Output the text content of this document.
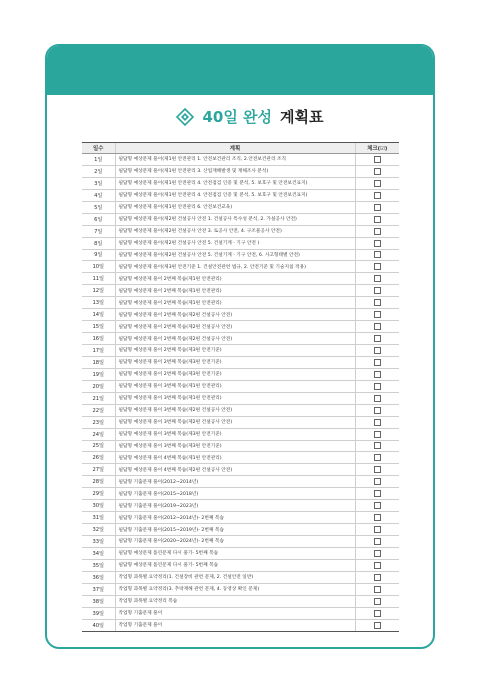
40일 완성 계획표
일수	계획	체크(☑)
1일	필답형 예상문제 풀이(제1편 안전관리 1. 안전보건관리 조직, 2.안전보건관리 조직	
2일	필답형 예상문제 풀이(제1편 안전관리 3. 산업재해발생 및 재해조사 분석)	
3일	필답형 예상문제 풀이(제1편 안전관리 4. 안전점검 인증 및 분석, 5. 보호구 및 안전보건표지)	
4일	필답형 예상문제 풀이(제1편 안전관리 4. 안전점검 인증 및 분석, 5. 보호구 및 안전보건표지)	
5일	필답형 예상문제 풀이(제1편 안전관리 6. 안전보건교육)	
6일	필답형 예상문제 풀이(제2편 건설공사 안전 1. 건설공사 특수성 분석, 2. 가설공사 안전)	
7일	필답형 예상문제 풀이(제2편 건설공사 안전 3. 토공사 안전, 4. 구조물공사 안전)	
8일	필답형 예상문제 풀이(제2편 건설공사 안전 5. 건설기계 · 기구 안전 )	
9일	필답형 예상문제 풀이(제2편 건설공사 안전 5. 건설기계 · 기구 안전, 6. 사고형태별 안전)	
10일	필답형 예상문제 풀이(제3편 안전기준 1. 건설안전관련 법규, 2. 안전기준 및 기술지침 적용)	
11일	필답형 예상문제 풀이 2번째 복습(제1편 안전관리)	
12일	필답형 예상문제 풀이 2번째 복습(제1편 안전관리)	
13일	필답형 예상문제 풀이 2번째 복습(제1편 안전관리)	
14일	필답형 예상문제 풀이 2번째 복습(제2편 건설공사 안전)	
15일	필답형 예상문제 풀이 2번째 복습(제2편 건설공사 안전)	
16일	필답형 예상문제 풀이 2번째 복습(제2편 건설공사 안전)	
17일	필답형 예상문제 풀이 2번째 복습(제3편 안전기준)	
18일	필답형 예상문제 풀이 2번째 복습(제3편 안전기준)	
19일	필답형 예상문제 풀이 2번째 복습(제3편 안전기준)	
20일	필답형 예상문제 풀이 3번째 복습(제1편 안전관리)	
21일	필답형 예상문제 풀이 3번째 복습(제1편 안전관리)	
22일	필답형 예상문제 풀이 3번째 복습(제2편 건설공사 안전)	
23일	필답형 예상문제 풀이 3번째 복습(제2편 건설공사 안전)	
24일	필답형 예상문제 풀이 3번째 복습(제3편 안전기준)	
25일	필답형 예상문제 풀이 3번째 복습(제3편 안전기준)	
26일	필답형 예상문제 풀이 4번째 복습(제1편 안전관리)	
27일	필답형 예상문제 풀이 4번째 복습(제2편 건설공사 안전)	
28일	필답형 기출문제 풀이(2012~2014년)	
29일	필답형 기출문제 풀이(2015~2018년)	
30일	필답형 기출문제 풀이(2019~2023년)	
31일	필답형 기출문제 풀이(2012~2014년)- 2번째 복습	
32일	필답형 기출문제 풀이(2015~2019년)- 2번째 복습	
33일	필답형 기출문제 풀이(2020~2024년)- 2번째 복습	
34일	필답형 예상문제 틀린문제 다시 풀기- 5번째 복습	
35일	필답형 예상문제 틀린문제 다시 풀기- 5번째 복습	
36일	작업형 과목별 요약정리(1. 건설장비 관련 문제, 2. 건설안전 일반)	
37일	작업형 과목별 요약정리(3. 추락재해 관련 문제, 4. 동영상 확인 문제)	
38일	작업형 과목별 요약정리 복습	
39일	작업형 기출문제 풀이	
40일	작업형 기출문제 풀이	
